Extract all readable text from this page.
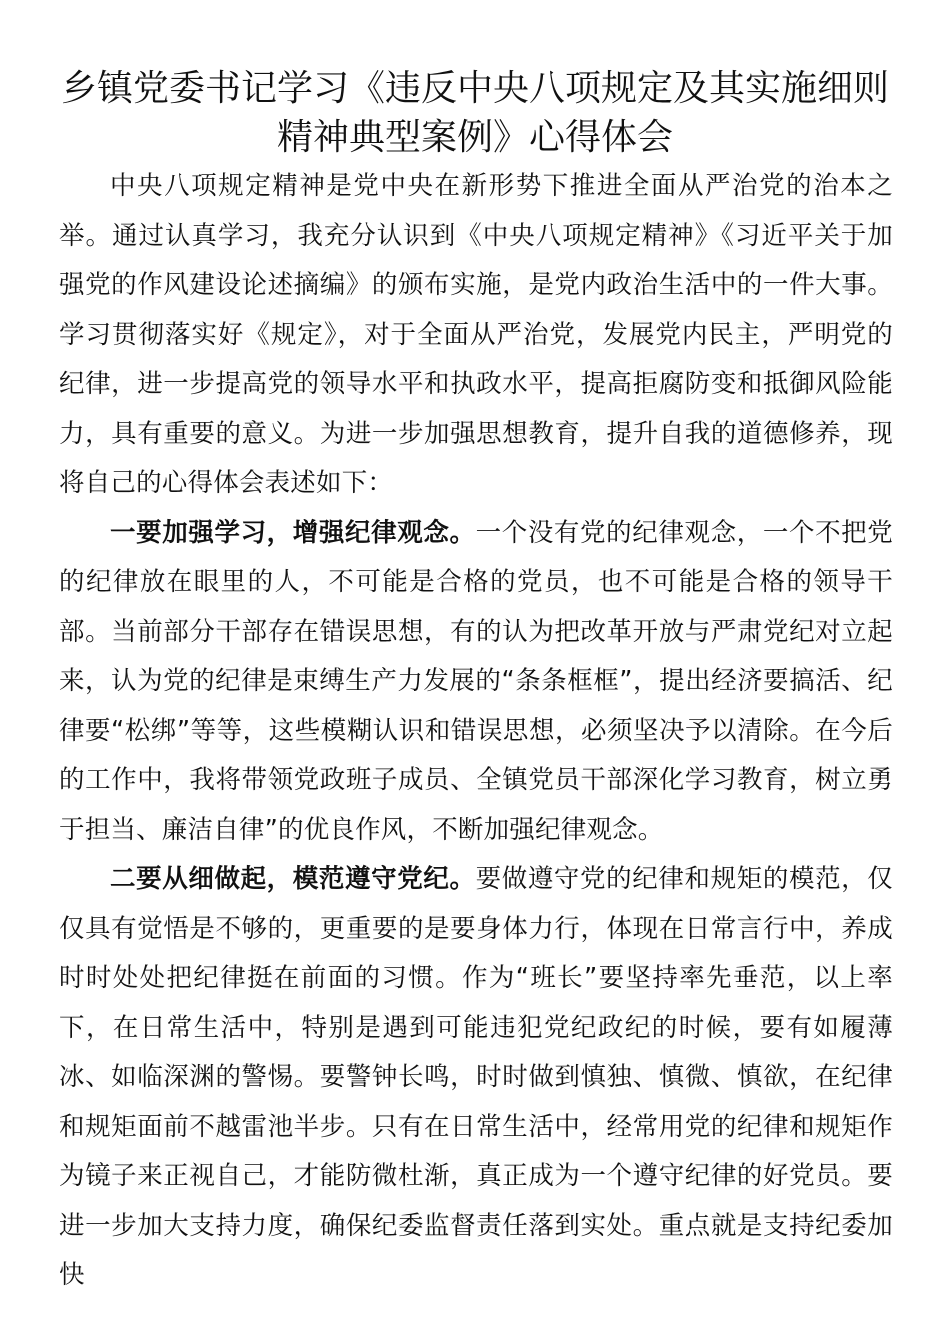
乡镇党委书记学习《违反中央八项规定及其实施细则
精神典型案例》心得体会

中央八项规定精神是党中央在新形势下推进全面从严治党的治本之举。通过认真学习，我充分认识到《中央八项规定精神》《习近平关于加强党的作风建设论述摘编》的颁布实施，是党内政治生活中的一件大事。学习贯彻落实好《规定》，对于全面从严治党，发展党内民主，严明党的纪律，进一步提高党的领导水平和执政水平，提高拒腐防变和抵御风险能力，具有重要的意义。为进一步加强思想教育，提升自我的道德修养，现将自己的心得体会表述如下：

一要加强学习，增强纪律观念。一个没有党的纪律观念，一个不把党的纪律放在眼里的人，不可能是合格的党员，也不可能是合格的领导干部。当前部分干部存在错误思想，有的认为把改革开放与严肃党纪对立起来，认为党的纪律是束缚生产力发展的“条条框框”，提出经济要搞活、纪律要“松绑”等等，这些模糊认识和错误思想，必须坚决予以清除。在今后的工作中，我将带领党政班子成员、全镇党员干部深化学习教育，树立勇于担当、廉洁自律”的优良作风，不断加强纪律观念。

二要从细做起，模范遵守党纪。要做遵守党的纪律和规矩的模范，仅仅具有觉悟是不够的，更重要的是要身体力行，体现在日常言行中，养成时时处处把纪律挺在前面的习惯。作为“班长”要坚持率先垂范，以上率下，在日常生活中，特别是遇到可能违犯党纪政纪的时候，要有如履薄冰、如临深渊的警惕。要警钟长鸣，时时做到慎独、慎微、慎欲，在纪律和规矩面前不越雷池半步。只有在日常生活中，经常用党的纪律和规矩作为镜子来正视自己，才能防微杜渐，真正成为一个遵守纪律的好党员。要进一步加大支持力度，确保纪委监督责任落到实处。重点就是支持纪委加快
